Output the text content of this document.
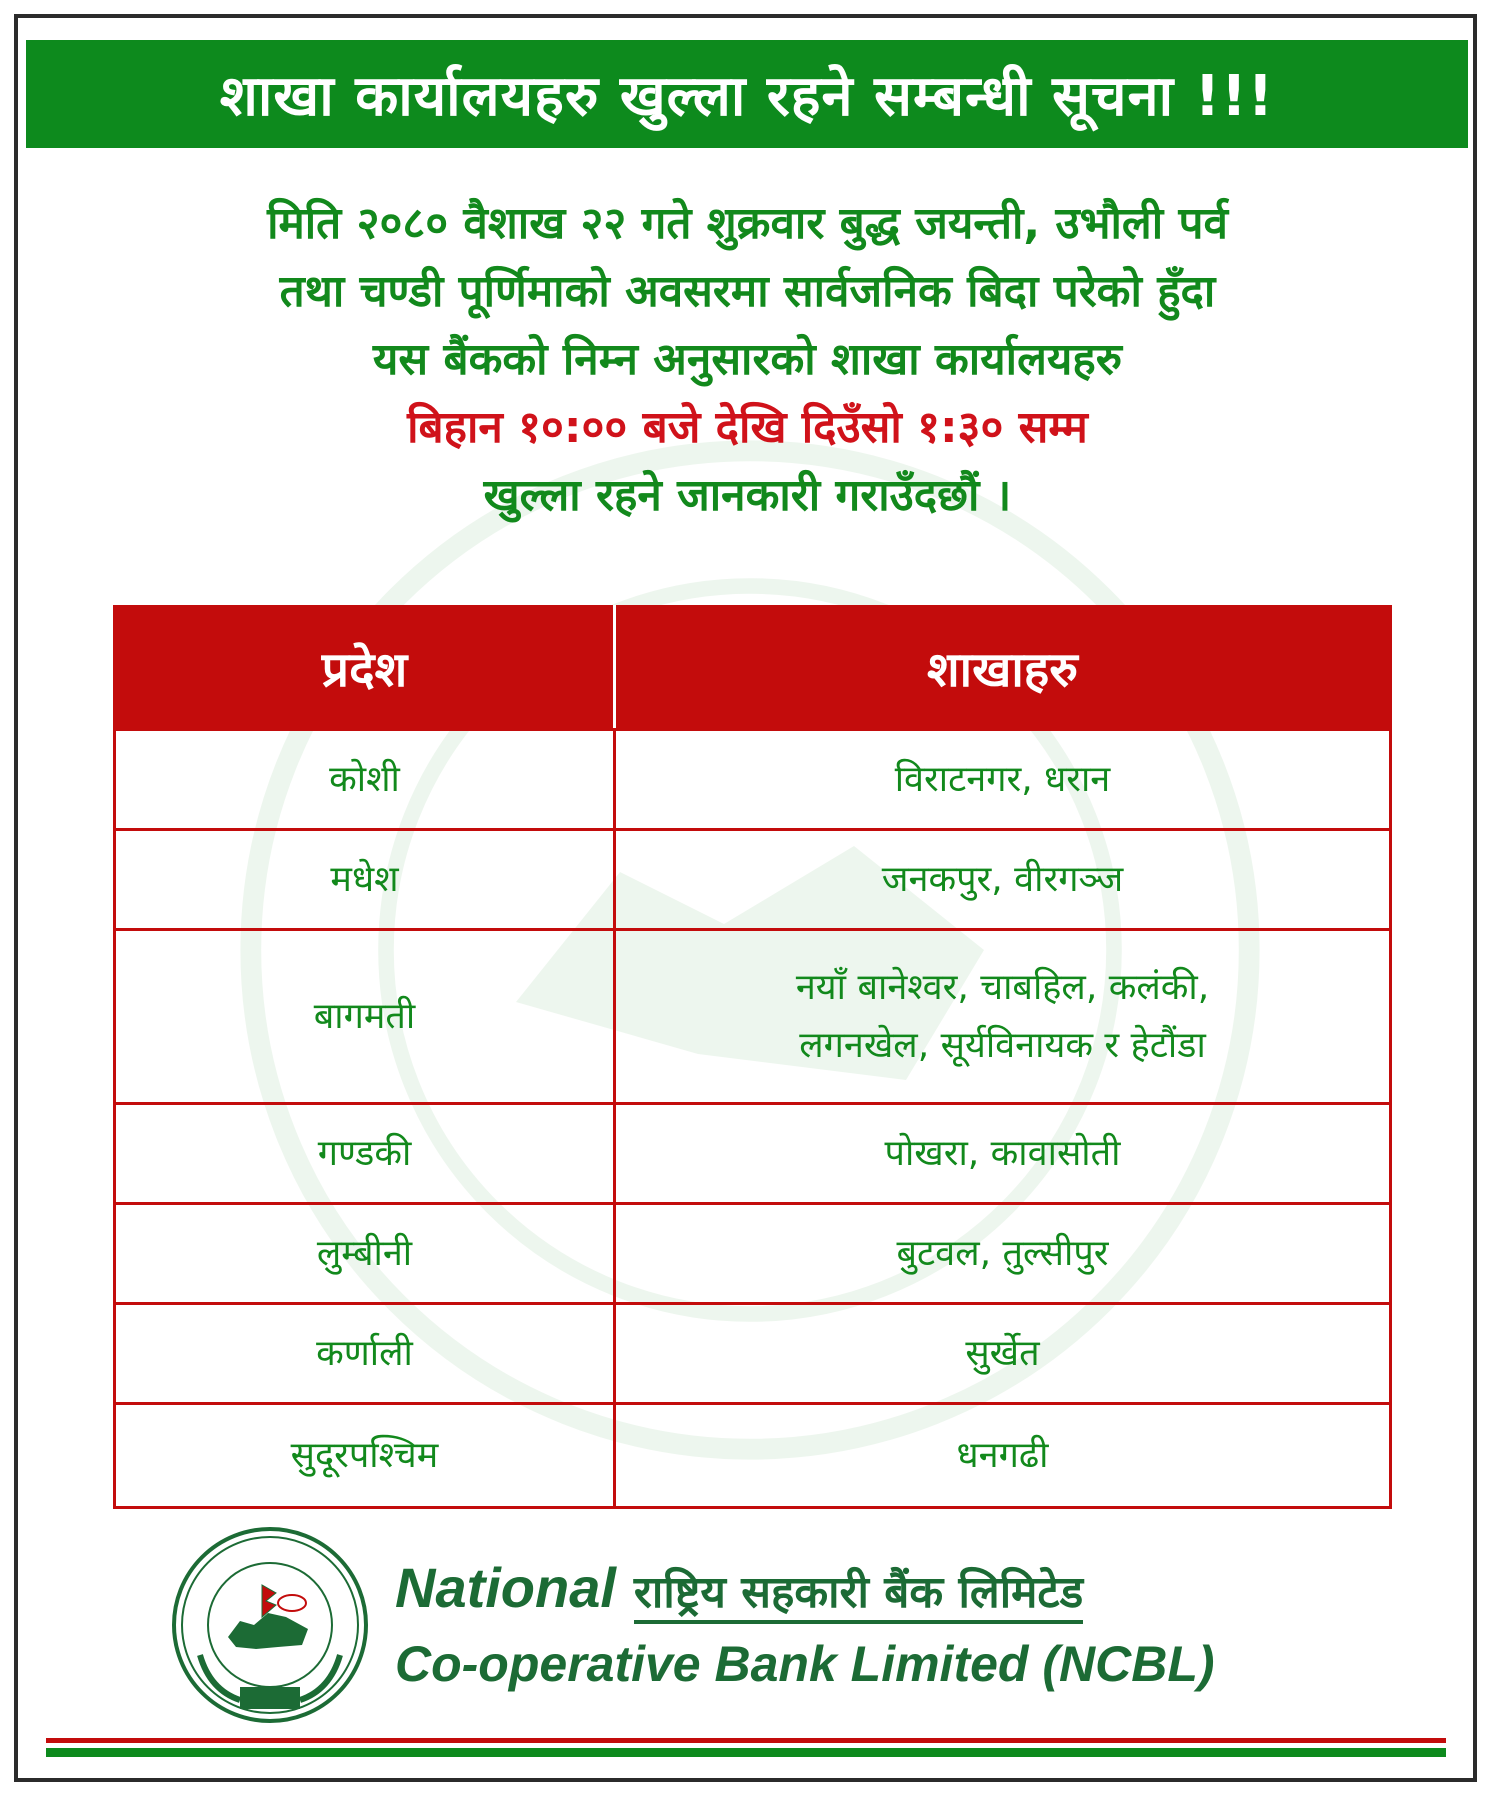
शाखा कार्यालयहरु खुल्ला रहने सम्बन्धी सूचना !!!

मिति २०८० वैशाख २२ गते शुक्रवार बुद्ध जयन्ती, उभौली पर्व

तथा चण्डी पूर्णिमाको अवसरमा सार्वजनिक बिदा परेको हुँदा

यस बैंकको निम्न अनुसारको शाखा कार्यालयहरु

बिहान १०:०० बजे देखि दिउँसो १:३० सम्म

खुल्ला रहने जानकारी गराउँदछौं ।

प्रदेश	शाखाहरु
कोशी	विराटनगर, धरान
मधेश	जनकपुर, वीरगञ्ज
बागमती	नयाँ बानेश्वर, चाबहिल, कलंकी,
लगनखेल, सूर्यविनायक र हेटौंडा

गण्डकी	पोखरा, कावासोती
लुम्बीनी	बुटवल, तुल्सीपुर
कर्णाली	सुर्खेत
सुदूरपश्चिम	धनगढी
National राष्ट्रिय सहकारी बैंक लिमिटेड
Co-operative Bank Limited (NCBL)
